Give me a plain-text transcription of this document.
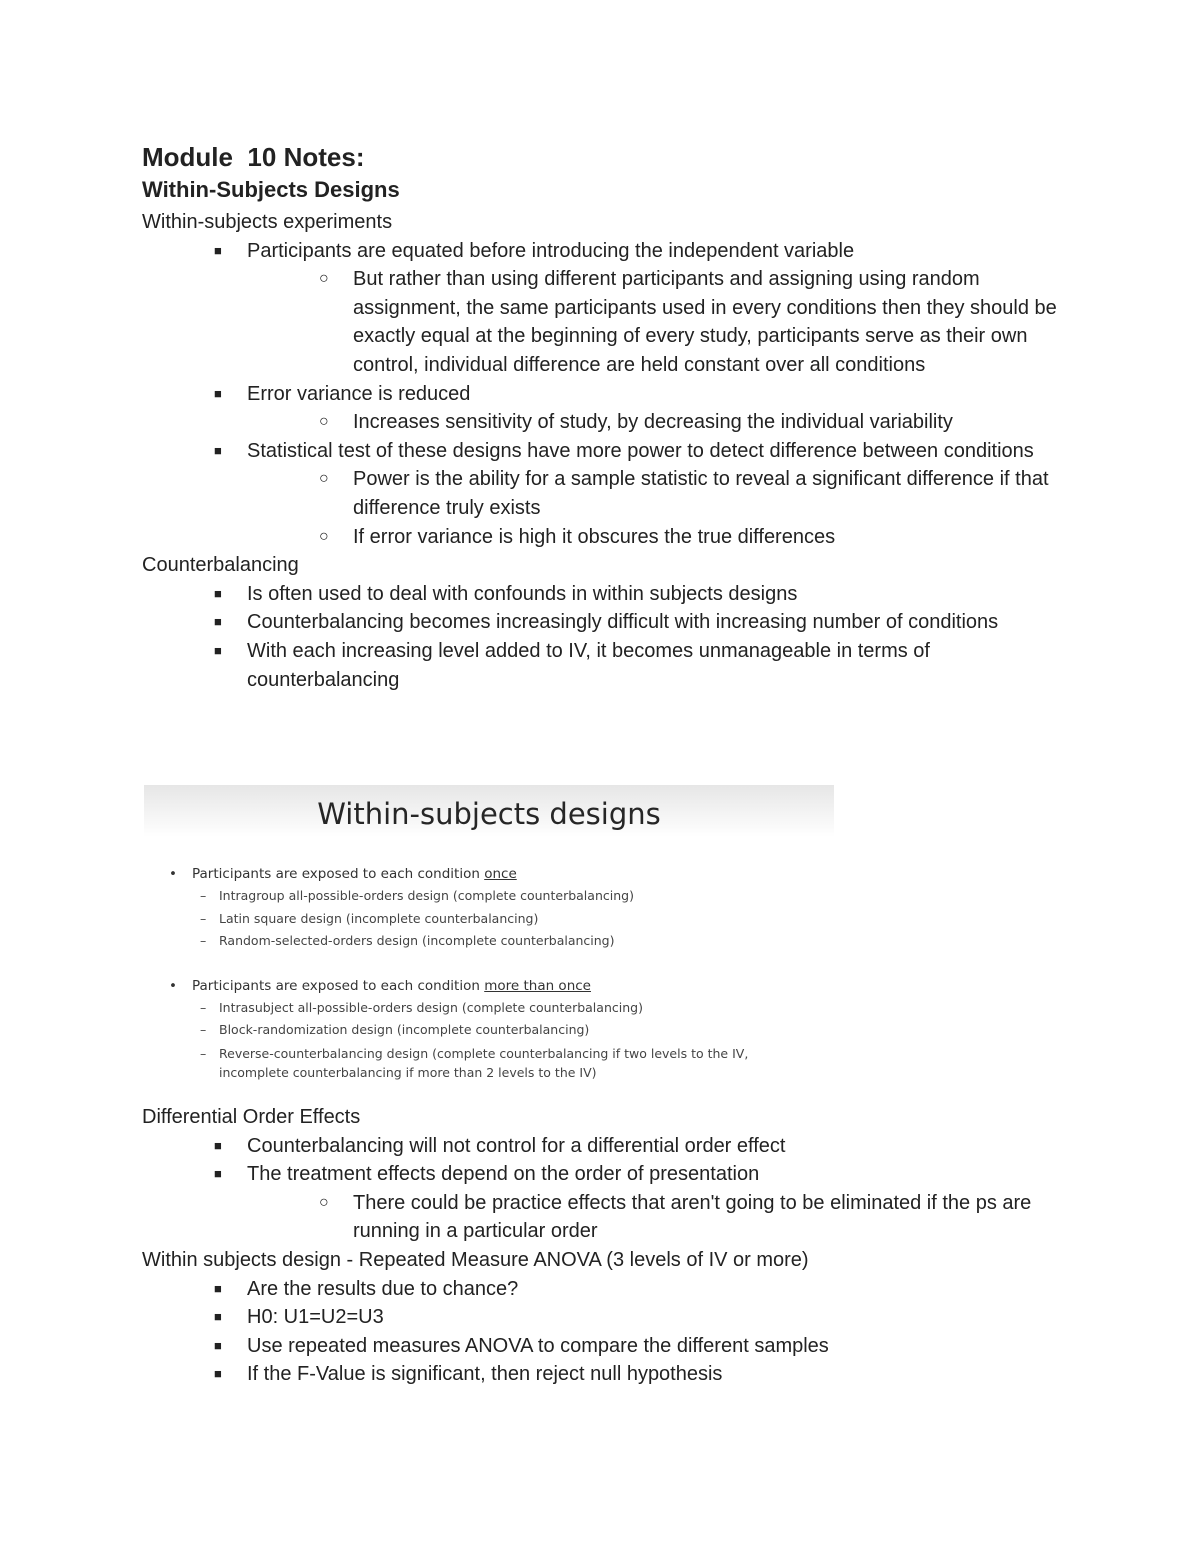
Module  10 Notes:
Within-Subjects Designs

Within-subjects experiments

■ Participants are equated before introducing the independent variable
○ But rather than using different participants and assigning using random assignment, the same participants used in every conditions then they should be exactly equal at the beginning of every study, participants serve as their own control, individual difference are held constant over all conditions
■ Error variance is reduced
○ Increases sensitivity of study, by decreasing the individual variability
■ Statistical test of these designs have more power to detect difference between conditions
○ Power is the ability for a sample statistic to reveal a significant difference if that difference truly exists
○ If error variance is high it obscures the true differences

Counterbalancing

■ Is often used to deal with confounds in within subjects designs
■ Counterbalancing becomes increasingly difficult with increasing number of conditions
■ With each increasing level added to IV, it becomes unmanageable in terms of counterbalancing
Within-subjects designs
• Participants are exposed to each condition once
– Intragroup all-possible-orders design (complete counterbalancing)
– Latin square design (incomplete counterbalancing)
– Random-selected-orders design (incomplete counterbalancing)
• Participants are exposed to each condition more than once
– Intrasubject all-possible-orders design (complete counterbalancing)
– Block-randomization design (incomplete counterbalancing)
– Reverse-counterbalancing design (complete counterbalancing if two levels to the IV, incomplete counterbalancing if more than 2 levels to the IV)

Differential Order Effects

■ Counterbalancing will not control for a differential order effect
■ The treatment effects depend on the order of presentation
○ There could be practice effects that aren't going to be eliminated if the ps are running in a particular order

Within subjects design - Repeated Measure ANOVA (3 levels of IV or more)

■ Are the results due to chance?
■ H0: U1=U2=U3
■ Use repeated measures ANOVA to compare the different samples
■ If the F-Value is significant, then reject null hypothesis
